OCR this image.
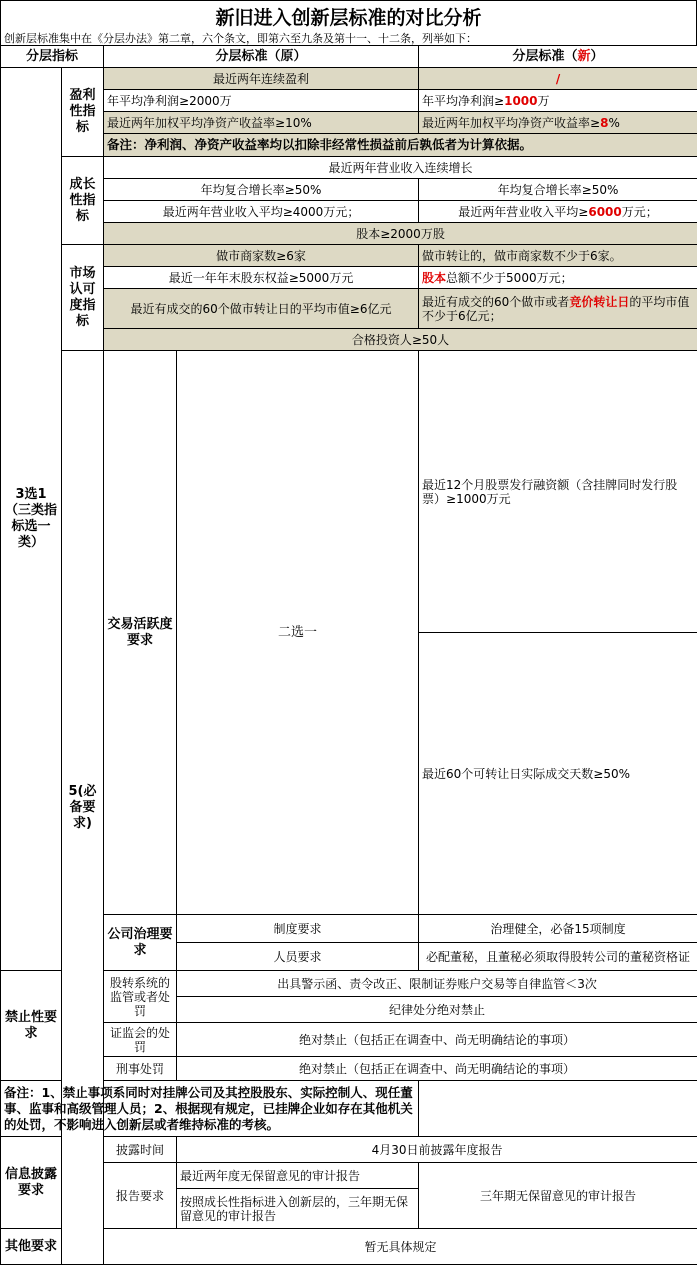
新旧进入创新层标准的对比分析
创新层标准集中在《分层办法》第二章，六个条文，即第六至九条及第十一、十二条，列举如下：
分层指标		分层标准（原）		分层标准（新）	
3选1（三类指标选一类）	盈利性指标	最近两年连续盈利		/	
		年平均净利润≥2000万		年平均净利润≥1000万	
		最近两年加权平均净资产收益率≥10%		最近两年加权平均净资产收益率≥8%	
		备注：净利润、净资产收益率均以扣除非经常性损益前后孰低者为计算依据。			
	成长性指标	最近两年营业收入连续增长			
		年均复合增长率≥50%		年均复合增长率≥50%	
		最近两年营业收入平均≥4000万元；		最近两年营业收入平均≥6000万元；	
		股本≥2000万股			
	市场认可度指标	做市商家数≥6家		做市转让的，做市商家数不少于6家。	
		最近一年年末股东权益≥5000万元		股本总额不少于5000万元；	
		最近有成交的60个做市转让日的平均市值≥6亿元		最近有成交的60个做市或者竞价转让日的平均市值不少于6亿元；	
		合格投资人≥50人			
	5(必备要求)	交易活跃度要求	二选一	最近12个月股票发行融资额（含挂牌同时发行股票）≥1000万元	
				最近60个可转让日实际成交天数≥50%	
		公司治理要求	制度要求	治理健全，必备15项制度	
			人员要求	必配董秘，且董秘必须取得股转公司的董秘资格证	
禁止性要求		股转系统的监管或者处罚	出具警示函、责令改正、限制证券账户交易等自律监管＜3次		
			纪律处分绝对禁止		
		证监会的处罚	绝对禁止（包括正在调查中、尚无明确结论的事项）		
		刑事处罚	绝对禁止（包括正在调查中、尚无明确结论的事项）		
备注：1、禁止事项系同时对挂牌公司及其控股股东、实际控制人、现任董事、监事和高级管理人员；2、根据现有规定，已挂牌企业如存在其他机关的处罚，不影响进入创新层或者维持标准的考核。					
信息披露要求		披露时间	4月30日前披露年度报告		
		报告要求	最近两年度无保留意见的审计报告	三年期无保留意见的审计报告	
			按照成长性指标进入创新层的，三年期无保留意见的审计报告		
其他要求		暂无具体规定			
